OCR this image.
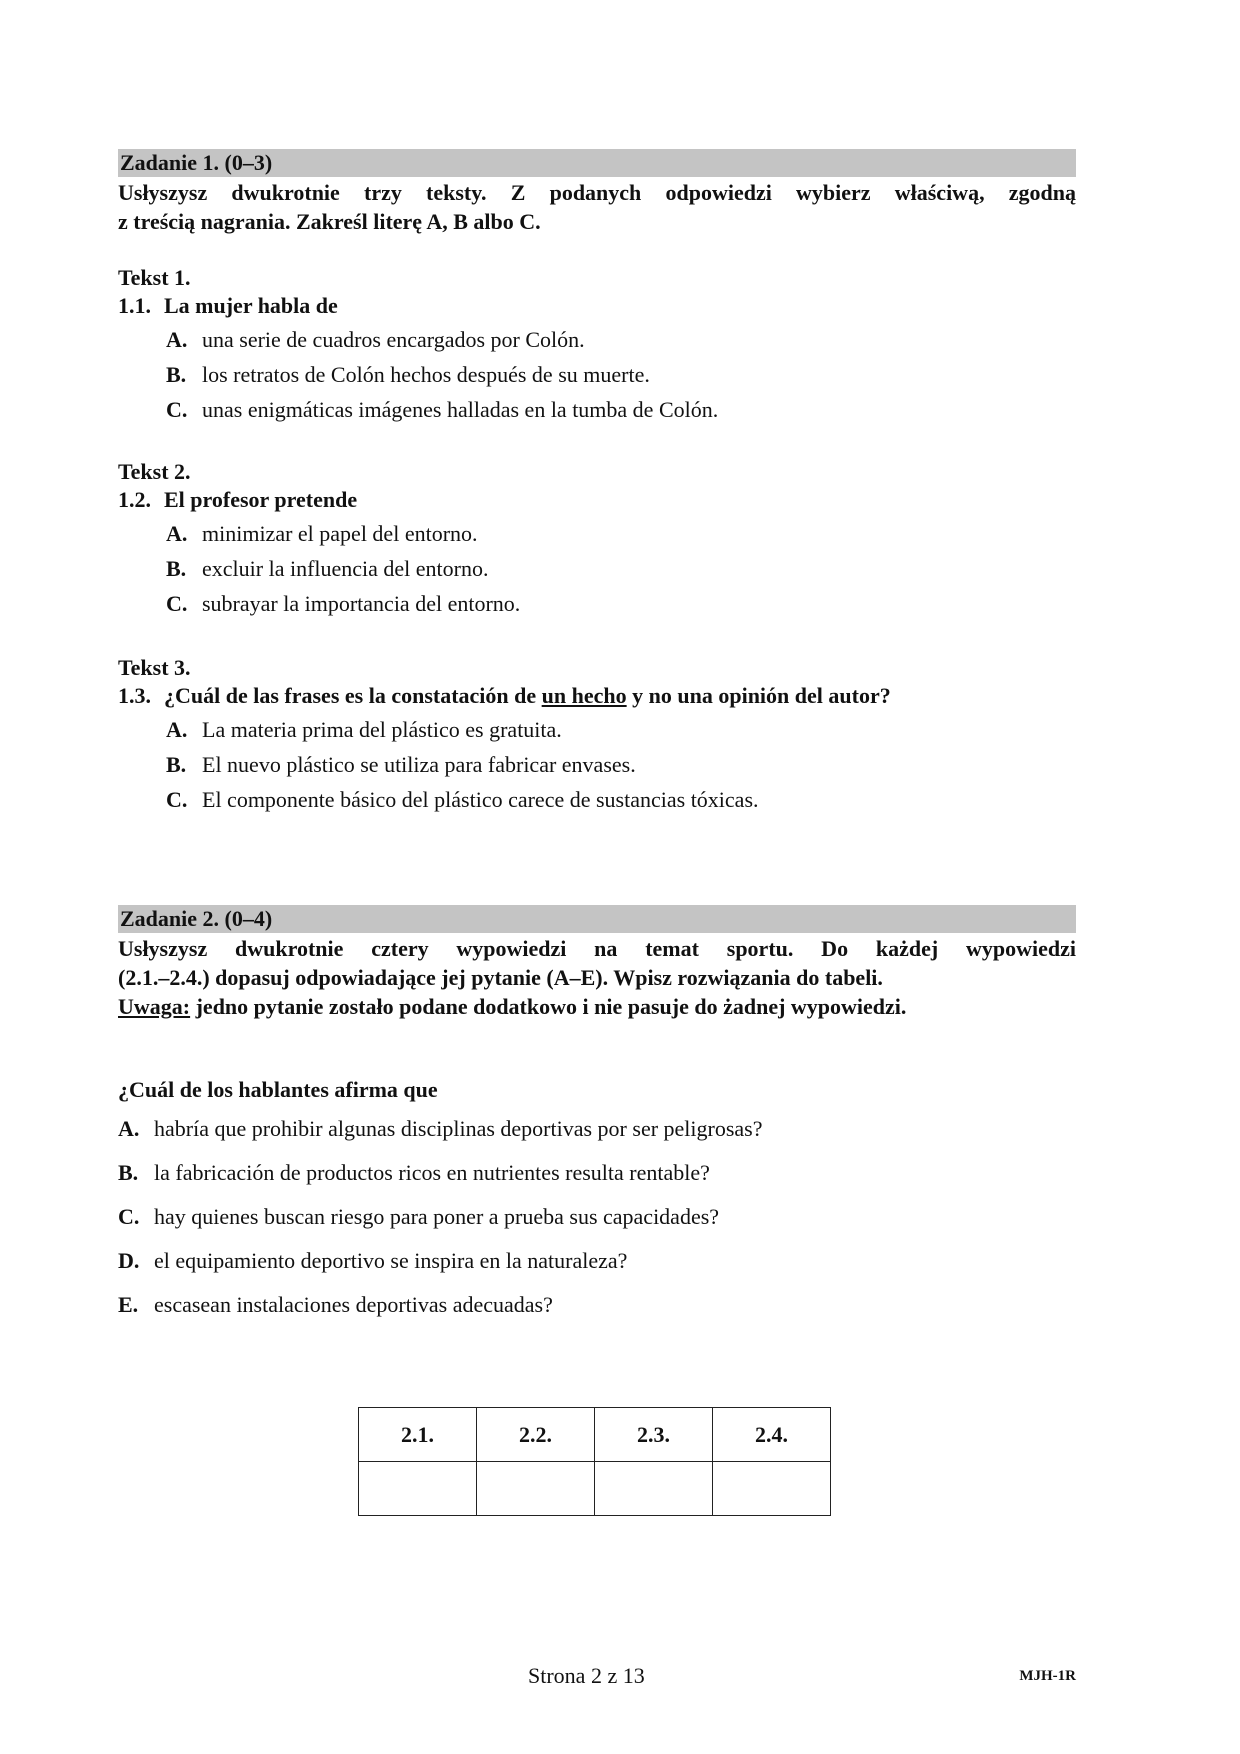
Zadanie 1. (0–3)
Usłyszysz dwukrotnie trzy teksty. Z podanych odpowiedzi wybierz właściwą, zgodną
z treścią nagrania. Zakreśl literę A, B albo C.
Tekst 1.
1.1. La mujer habla de
A. una serie de cuadros encargados por Colón.
B. los retratos de Colón hechos después de su muerte.
C. unas enigmáticas imágenes halladas en la tumba de Colón.
Tekst 2.
1.2. El profesor pretende
A. minimizar el papel del entorno.
B. excluir la influencia del entorno.
C. subrayar la importancia del entorno.
Tekst 3.
1.3. ¿Cuál de las frases es la constatación de un hecho y no una opinión del autor?
A. La materia prima del plástico es gratuita.
B. El nuevo plástico se utiliza para fabricar envases.
C. El componente básico del plástico carece de sustancias tóxicas.
Zadanie 2. (0–4)
Usłyszysz dwukrotnie cztery wypowiedzi na temat sportu. Do każdej wypowiedzi
(2.1.–2.4.) dopasuj odpowiadające jej pytanie (A–E). Wpisz rozwiązania do tabeli.
Uwaga: jedno pytanie zostało podane dodatkowo i nie pasuje do żadnej wypowiedzi.
¿Cuál de los hablantes afirma que
A. habría que prohibir algunas disciplinas deportivas por ser peligrosas?
B. la fabricación de productos ricos en nutrientes resulta rentable?
C. hay quienes buscan riesgo para poner a prueba sus capacidades?
D. el equipamiento deportivo se inspira en la naturaleza?
E. escasean instalaciones deportivas adecuadas?
2.1.	2.2.	2.3.	2.4.

Strona 2 z 13	MJH-1R
